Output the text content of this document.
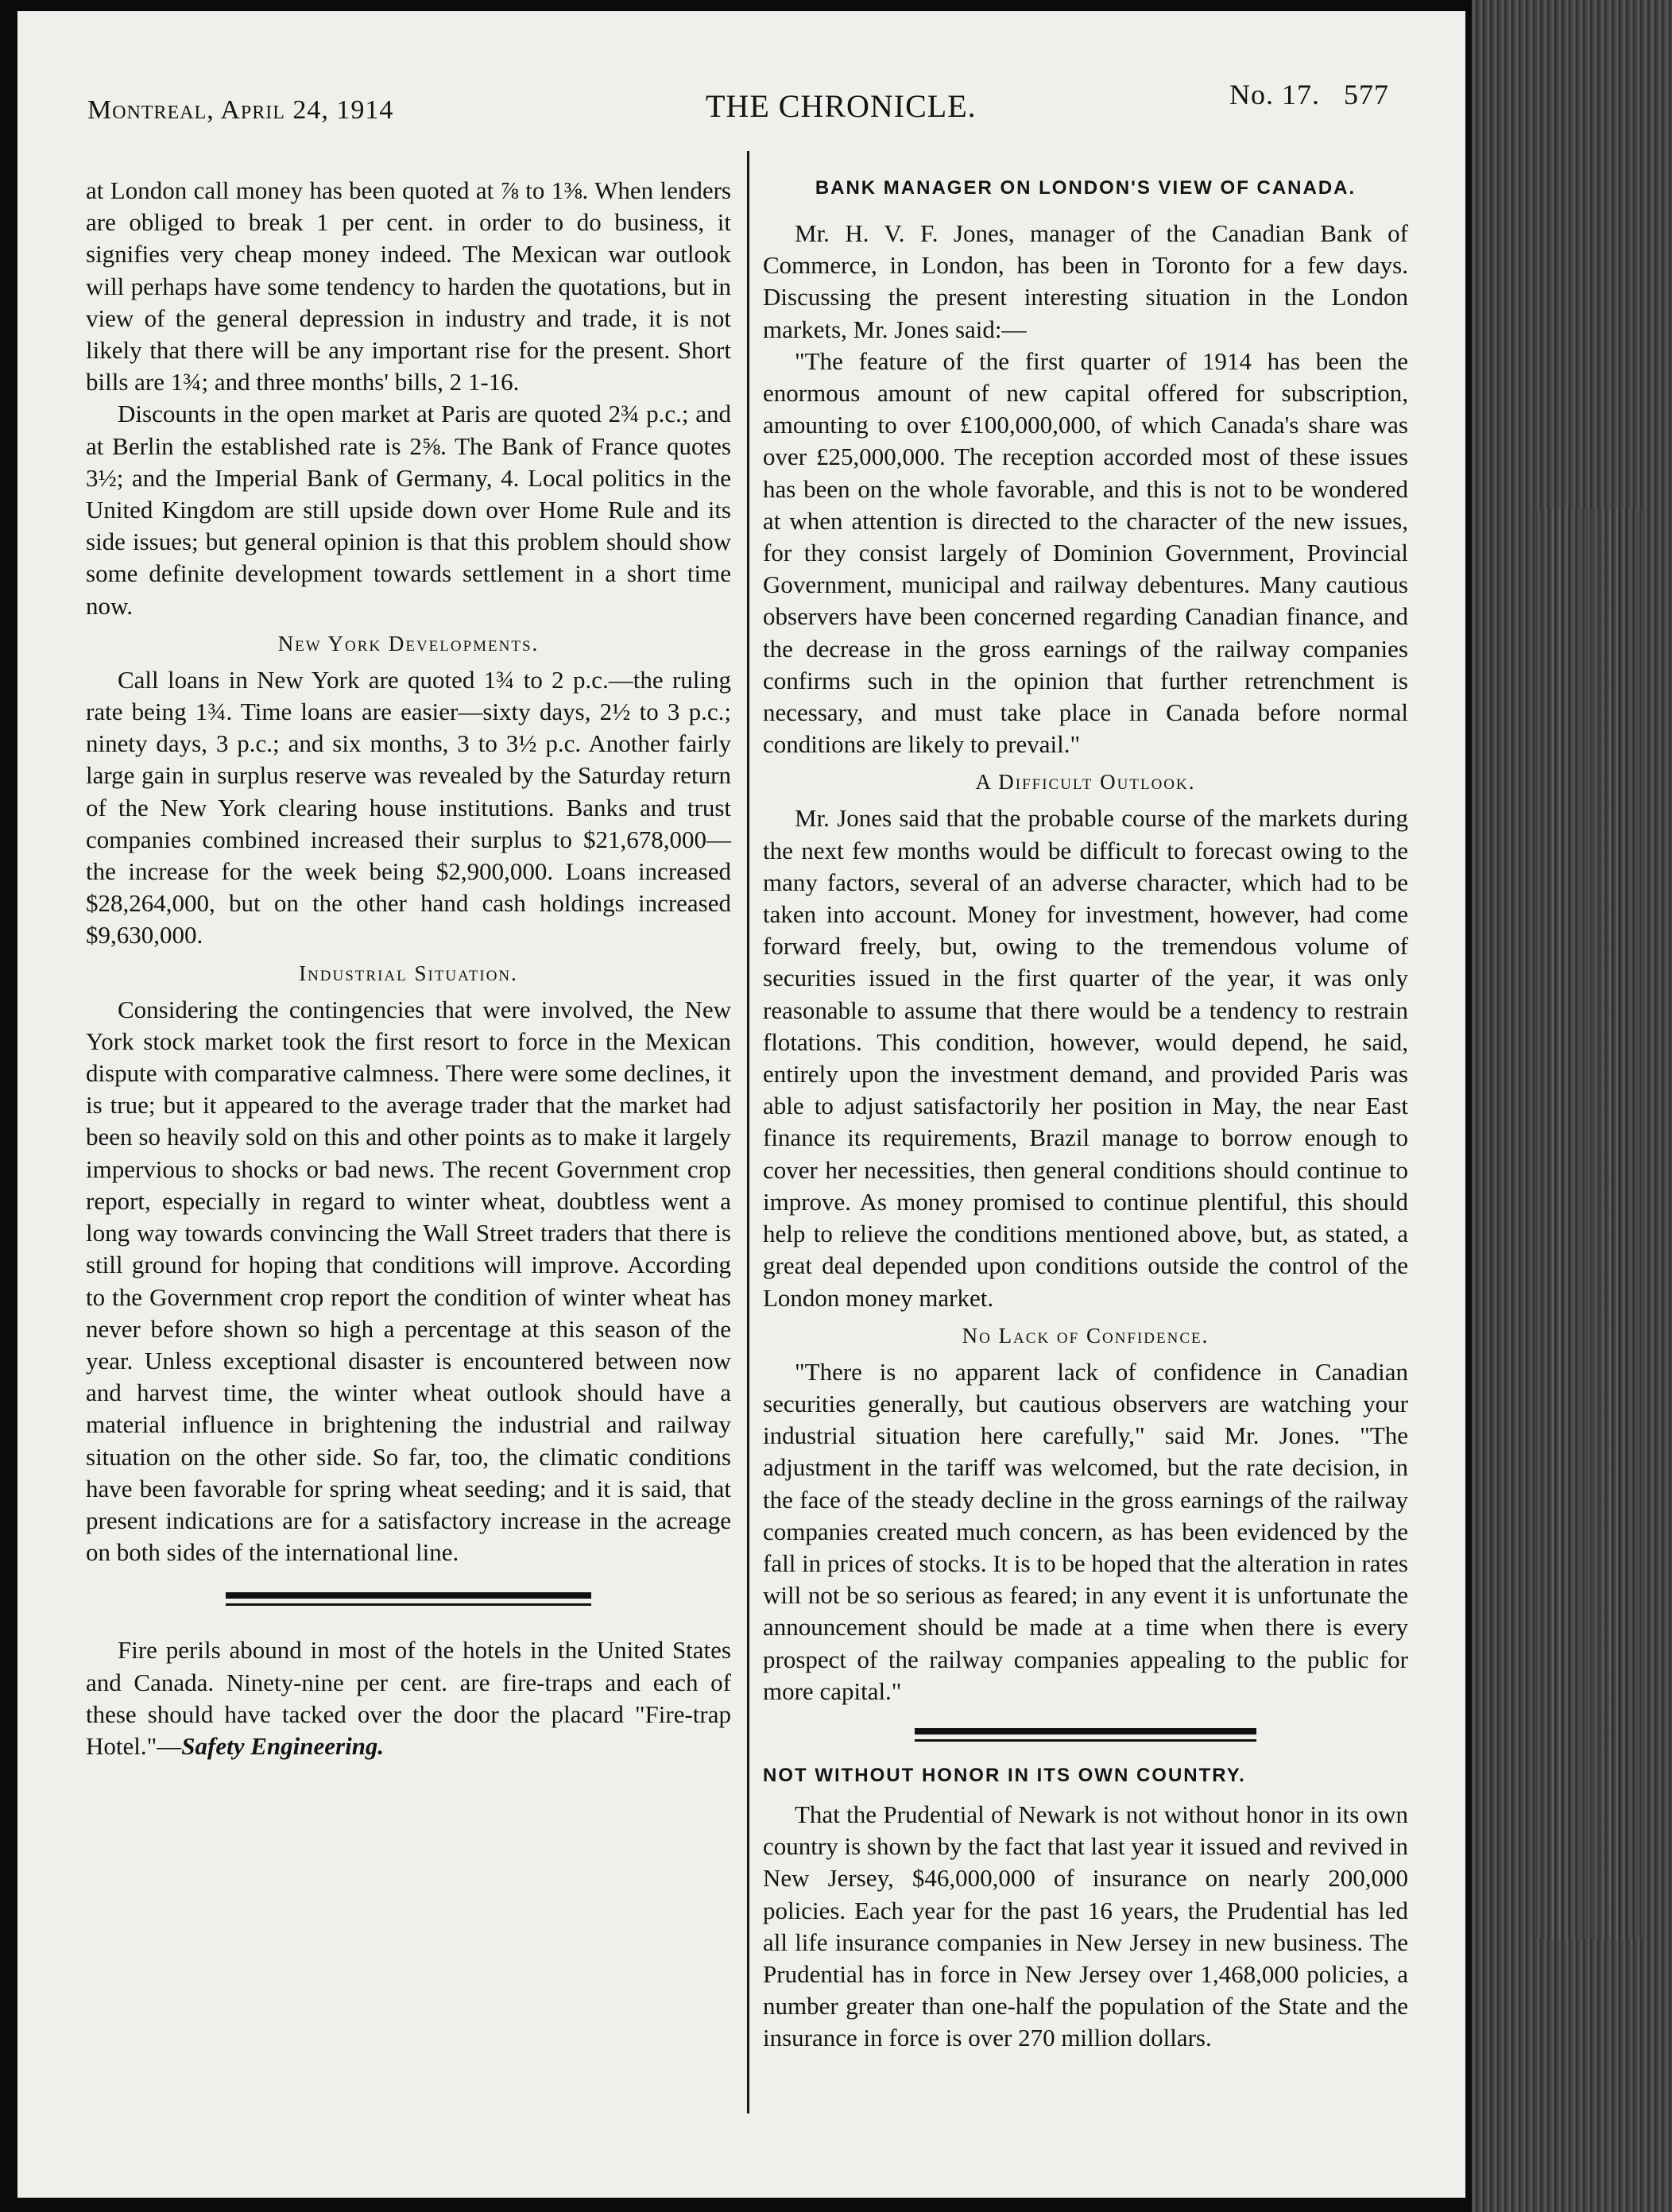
Montreal, April 24, 1914	THE CHRONICLE.	No. 17.   577

at London call money has been quoted at ⅞ to 1⅜. When lenders are obliged to break 1 per cent. in order to do business, it signifies very cheap money indeed. The Mexican war outlook will perhaps have some tendency to harden the quotations, but in view of the general depression in industry and trade, it is not likely that there will be any important rise for the present. Short bills are 1¾; and three months' bills, 2 1-16.

Discounts in the open market at Paris are quoted 2¾ p.c.; and at Berlin the established rate is 2⅝. The Bank of France quotes 3½; and the Imperial Bank of Germany, 4. Local politics in the United Kingdom are still upside down over Home Rule and its side issues; but general opinion is that this problem should show some definite development towards settlement in a short time now.

New York Developments.

Call loans in New York are quoted 1¾ to 2 p.c.—the ruling rate being 1¾. Time loans are easier—sixty days, 2½ to 3 p.c.; ninety days, 3 p.c.; and six months, 3 to 3½ p.c. Another fairly large gain in surplus reserve was revealed by the Saturday return of the New York clearing house institutions. Banks and trust companies combined increased their surplus to $21,678,000—the increase for the week being $2,900,000. Loans increased $28,264,000, but on the other hand cash holdings increased $9,630,000.

Industrial Situation.

Considering the contingencies that were involved, the New York stock market took the first resort to force in the Mexican dispute with comparative calmness. There were some declines, it is true; but it appeared to the average trader that the market had been so heavily sold on this and other points as to make it largely impervious to shocks or bad news. The recent Government crop report, especially in regard to winter wheat, doubtless went a long way towards convincing the Wall Street traders that there is still ground for hoping that conditions will improve. According to the Government crop report the condition of winter wheat has never before shown so high a percentage at this season of the year. Unless exceptional disaster is encountered between now and harvest time, the winter wheat outlook should have a material influence in brightening the industrial and railway situation on the other side. So far, too, the climatic conditions have been favorable for spring wheat seeding; and it is said, that present indications are for a satisfactory increase in the acreage on both sides of the international line.

Fire perils abound in most of the hotels in the United States and Canada. Ninety-nine per cent. are fire-traps and each of these should have tacked over the door the placard "Fire-trap Hotel."—Safety Engineering.

BANK MANAGER ON LONDON'S VIEW OF CANADA.

Mr. H. V. F. Jones, manager of the Canadian Bank of Commerce, in London, has been in Toronto for a few days. Discussing the present interesting situation in the London markets, Mr. Jones said:—

"The feature of the first quarter of 1914 has been the enormous amount of new capital offered for subscription, amounting to over £100,000,000, of which Canada's share was over £25,000,000. The reception accorded most of these issues has been on the whole favorable, and this is not to be wondered at when attention is directed to the character of the new issues, for they consist largely of Dominion Government, Provincial Government, municipal and railway debentures. Many cautious observers have been concerned regarding Canadian finance, and the decrease in the gross earnings of the railway companies confirms such in the opinion that further retrenchment is necessary, and must take place in Canada before normal conditions are likely to prevail."

A Difficult Outlook.

Mr. Jones said that the probable course of the markets during the next few months would be difficult to forecast owing to the many factors, several of an adverse character, which had to be taken into account. Money for investment, however, had come forward freely, but, owing to the tremendous volume of securities issued in the first quarter of the year, it was only reasonable to assume that there would be a tendency to restrain flotations. This condition, however, would depend, he said, entirely upon the investment demand, and provided Paris was able to adjust satisfactorily her position in May, the near East finance its requirements, Brazil manage to borrow enough to cover her necessities, then general conditions should continue to improve. As money promised to continue plentiful, this should help to relieve the conditions mentioned above, but, as stated, a great deal depended upon conditions outside the control of the London money market.

No Lack of Confidence.

"There is no apparent lack of confidence in Canadian securities generally, but cautious observers are watching your industrial situation here carefully," said Mr. Jones. "The adjustment in the tariff was welcomed, but the rate decision, in the face of the steady decline in the gross earnings of the railway companies created much concern, as has been evidenced by the fall in prices of stocks. It is to be hoped that the alteration in rates will not be so serious as feared; in any event it is unfortunate the announcement should be made at a time when there is every prospect of the railway companies appealing to the public for more capital."

NOT WITHOUT HONOR IN ITS OWN COUNTRY.

That the Prudential of Newark is not without honor in its own country is shown by the fact that last year it issued and revived in New Jersey, $46,000,000 of insurance on nearly 200,000 policies. Each year for the past 16 years, the Prudential has led all life insurance companies in New Jersey in new business. The Prudential has in force in New Jersey over 1,468,000 policies, a number greater than one-half the population of the State and the insurance in force is over 270 million dollars.
